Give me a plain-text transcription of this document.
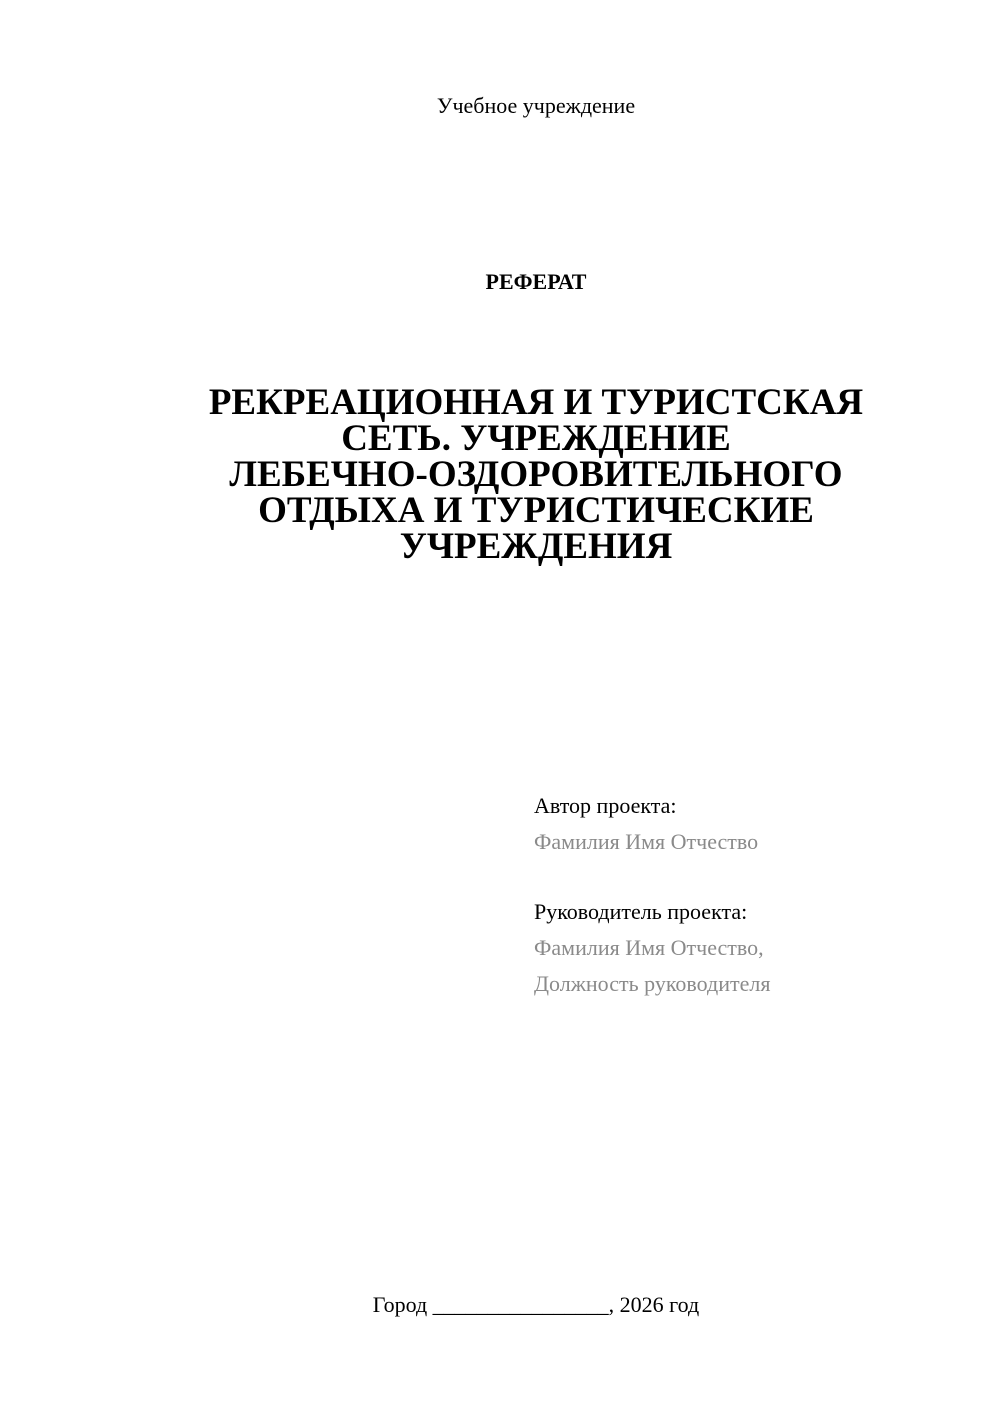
Учебное учреждение
РЕФЕРАТ
РЕКРЕАЦИОННАЯ И ТУРИСТСКАЯ
СЕТЬ. УЧРЕЖДЕНИЕ
ЛЕБЕЧНО-ОЗДОРОВИТЕЛЬНОГО
ОТДЫХА И ТУРИСТИЧЕСКИЕ
УЧРЕЖДЕНИЯ
Автор проекта:
Фамилия Имя Отчество
Руководитель проекта:
Фамилия Имя Отчество,
Должность руководителя
Город ________________, 2026 год
